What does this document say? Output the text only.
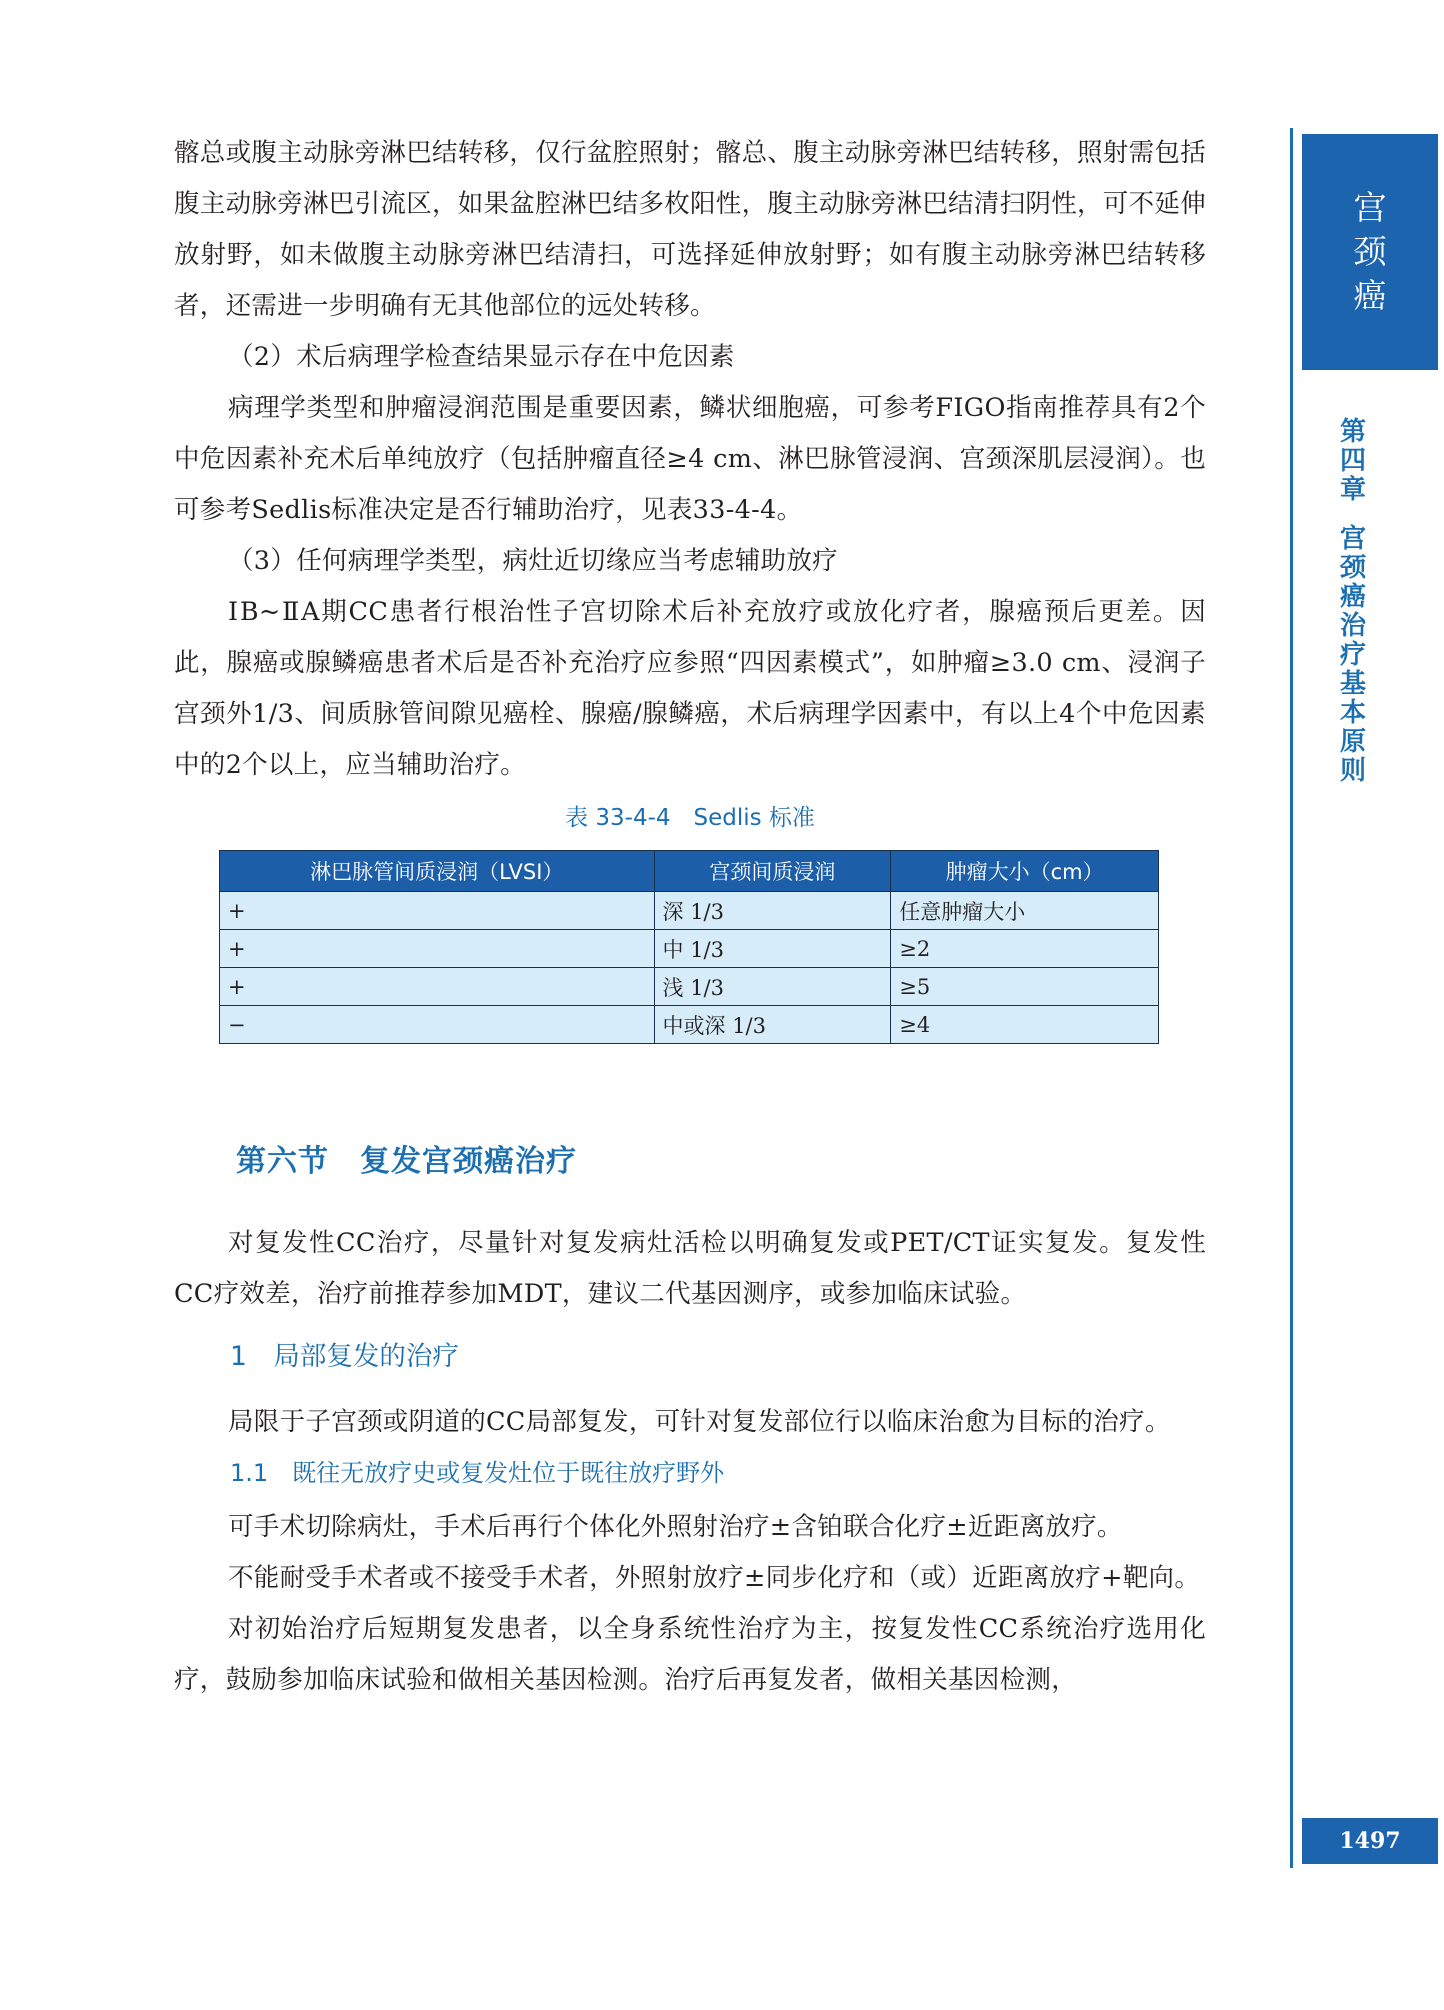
髂总或腹主动脉旁淋巴结转移，仅行盆腔照射；髂总、腹主动脉旁淋巴结转移，照射需包括腹主动脉旁淋巴引流区，如果盆腔淋巴结多枚阳性，腹主动脉旁淋巴结清扫阴性，可不延伸放射野，如未做腹主动脉旁淋巴结清扫，可选择延伸放射野；如有腹主动脉旁淋巴结转移者，还需进一步明确有无其他部位的远处转移。

（2）术后病理学检查结果显示存在中危因素

病理学类型和肿瘤浸润范围是重要因素，鳞状细胞癌，可参考FIGO指南推荐具有2个中危因素补充术后单纯放疗（包括肿瘤直径≥4 cm、淋巴脉管浸润、宫颈深肌层浸润）。也可参考Sedlis标准决定是否行辅助治疗，见表33-4-4。

（3）任何病理学类型，病灶近切缘应当考虑辅助放疗

ⅠB~ⅡA期CC患者行根治性子宫切除术后补充放疗或放化疗者，腺癌预后更差。因此，腺癌或腺鳞癌患者术后是否补充治疗应参照“四因素模式”，如肿瘤≥3.0 cm、浸润子宫颈外1/3、间质脉管间隙见癌栓、腺癌/腺鳞癌，术后病理学因素中，有以上4个中危因素中的2个以上，应当辅助治疗。

表 33-4-4　Sedlis 标准
淋巴脉管间质浸润（LVSI）	宫颈间质浸润	肿瘤大小（cm）
+	深 1/3	任意肿瘤大小
+	中 1/3	≥2
+	浅 1/3	≥5
−	中或深 1/3	≥4
第六节　复发宫颈癌治疗

对复发性CC治疗，尽量针对复发病灶活检以明确复发或PET/CT证实复发。复发性CC疗效差，治疗前推荐参加MDT，建议二代基因测序，或参加临床试验。

1　局部复发的治疗

局限于子宫颈或阴道的CC局部复发，可针对复发部位行以临床治愈为目标的治疗。

1.1　既往无放疗史或复发灶位于既往放疗野外

可手术切除病灶，手术后再行个体化外照射治疗±含铂联合化疗±近距离放疗。

不能耐受手术者或不接受手术者，外照射放疗±同步化疗和（或）近距离放疗+靶向。

对初始治疗后短期复发患者，以全身系统性治疗为主，按复发性CC系统治疗选用化疗，鼓励参加临床试验和做相关基因检测。治疗后再复发者，做相关基因检测，

宫颈癌
第四章
宫颈癌治疗基本原则
1497
